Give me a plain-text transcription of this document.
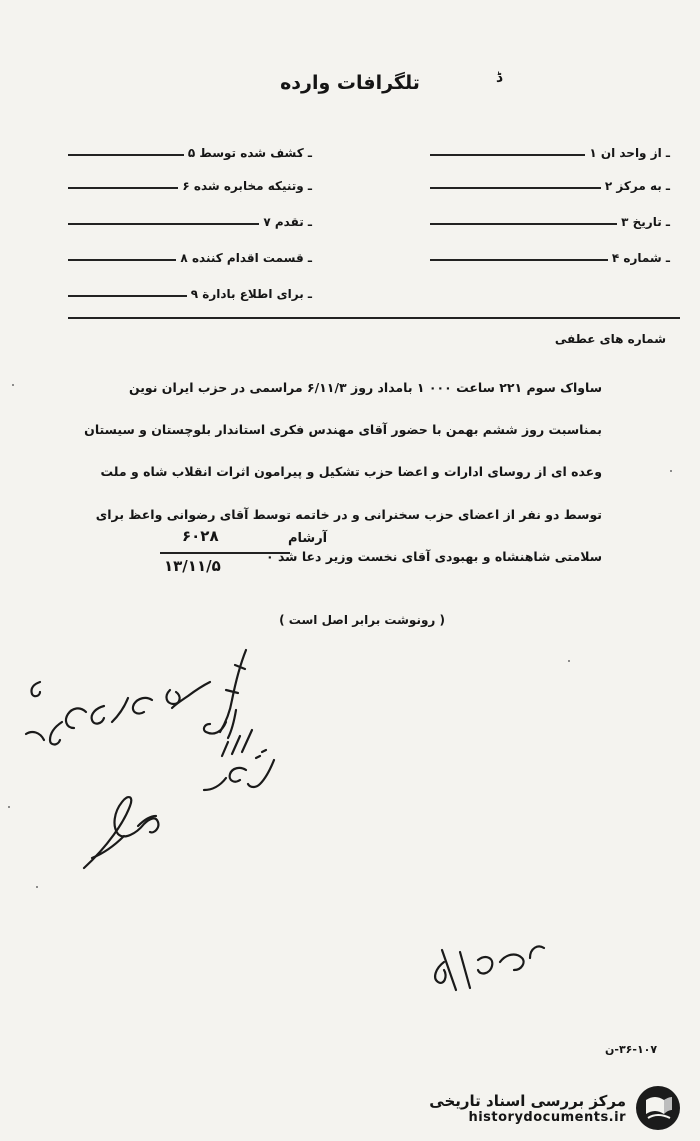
تلگرافات وارده	ڈ
۱ ـ از واحد ان
۲ ـ به مرکز
۳ ـ تاریخ
۴ ـ شماره
۵ ـ کشف شده توسط
۶ ـ وتنیکه مخابره شده
۷ ـ تقدم
۸ ـ قسمت اقدام کننده
۹ ـ برای اطلاع بادارة
شماره های عطفی
ساواک سوم ۲۲۱ ساعت ۰۰۰ ۱ بامداد روز ۶/۱۱/۳ مراسمی در حزب ایران نوین
بمناسبت روز ششم بهمن با حضور آقای مهندس فکری استاندار بلوچستان و سیستان
وعده ای از روسای ادارات و اعضا حزب تشکیل و پیرامون اثرات انقلاب شاه و ملت
توسط دو نفر از اعضای حزب سخنرانی و در خاتمه توسط آقای رضوانی واعظ برای
سلامتی شاهنشاه و بهبودی آقای نخست وزیر دعا شد ۰
۶۰۲۸
۱۳/۱۱/۵
آرشام
( رونوشت برابر اصل است )
۳۶-۱۰۷-ن
مرکز بررسی اسناد تاریخی
historydocuments.ir
